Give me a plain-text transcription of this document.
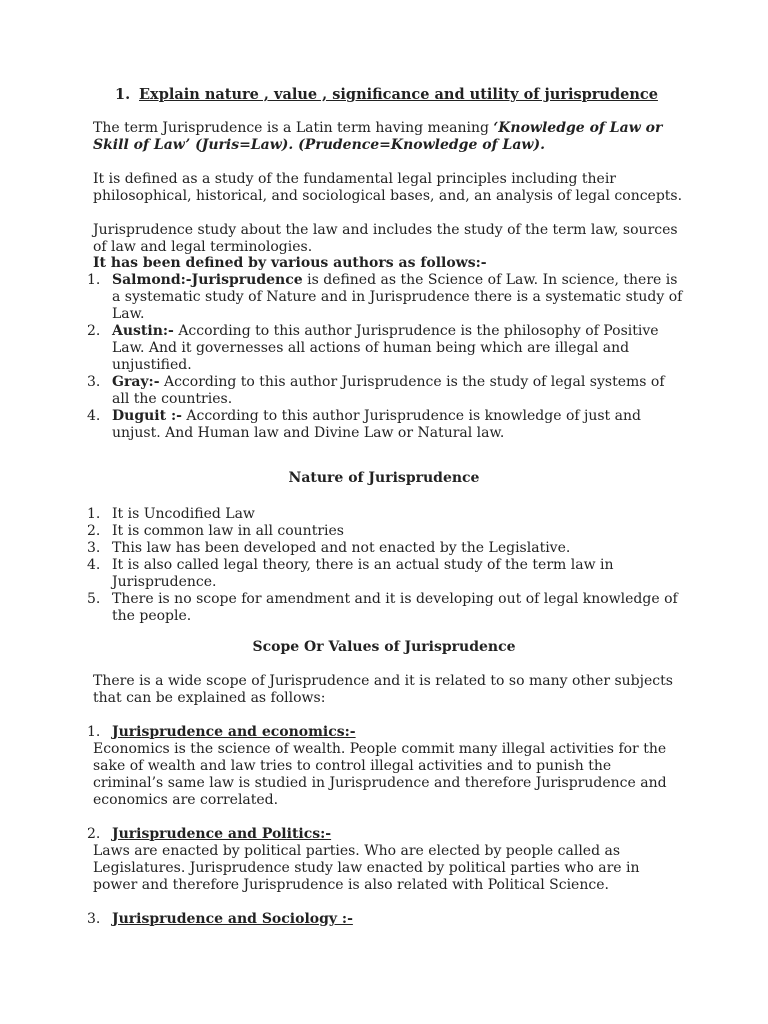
1. Explain nature , value , significance and utility of jurisprudence

The term Jurisprudence is a Latin term having meaning ‘Knowledge of Law or Skill of Law’ (Juris=Law). (Prudence=Knowledge of Law).

It is defined as a study of the fundamental legal principles including their philosophical, historical, and sociological bases, and, an analysis of legal concepts.

Jurisprudence study about the law and includes the study of the term law, sources of law and legal terminologies.

It has been defined by various authors as follows:-

1. Salmond:-Jurisprudence is defined as the Science of Law. In science, there is a systematic study of Nature and in Jurisprudence there is a systematic study of Law.
2. Austin:- According to this author Jurisprudence is the philosophy of Positive Law. And it governesses all actions of human being which are illegal and unjustified.
3. Gray:- According to this author Jurisprudence is the study of legal systems of all the countries.
4. Duguit :- According to this author Jurisprudence is knowledge of just and unjust. And Human law and Divine Law or Natural law.

Nature of Jurisprudence

1. It is Uncodified Law
2. It is common law in all countries
3. This law has been developed and not enacted by the Legislative.
4. It is also called legal theory, there is an actual study of the term law in Jurisprudence.
5. There is no scope for amendment and it is developing out of legal knowledge of the people.

Scope Or Values of Jurisprudence

There is a wide scope of Jurisprudence and it is related to so many other subjects that can be explained as follows:

1. Jurisprudence and economics:-

Economics is the science of wealth. People commit many illegal activities for the sake of wealth and law tries to control illegal activities and to punish the criminal’s same law is studied in Jurisprudence and therefore Jurisprudence and economics are correlated.

2. Jurisprudence and Politics:-

Laws are enacted by political parties. Who are elected by people called as Legislatures. Jurisprudence study law enacted by political parties who are in power and therefore Jurisprudence is also related with Political Science.

3. Jurisprudence and Sociology :-
